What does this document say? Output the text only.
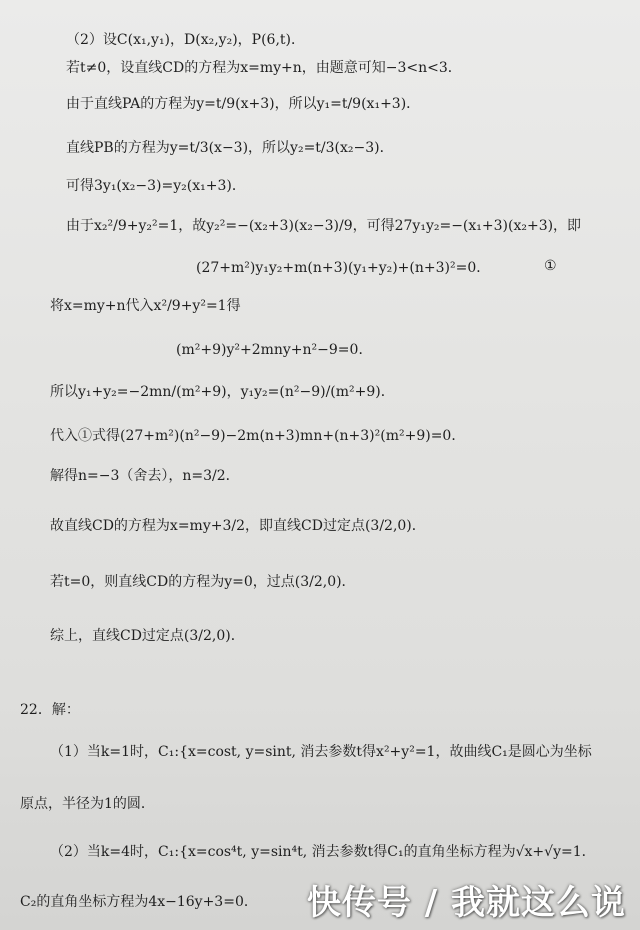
（2）设C(x₁,y₁)，D(x₂,y₂)，P(6,t)．
若t≠0，设直线CD的方程为x=my+n，由题意可知−3<n<3．
由于直线PA的方程为y=t/9(x+3)，所以y₁=t/9(x₁+3)．
直线PB的方程为y=t/3(x−3)，所以y₂=t/3(x₂−3)．
可得3y₁(x₂−3)=y₂(x₁+3)．
由于x₂²/9+y₂²=1，故y₂²=−(x₂+3)(x₂−3)/9，可得27y₁y₂=−(x₁+3)(x₂+3)，即
(27+m²)y₁y₂+m(n+3)(y₁+y₂)+(n+3)²=0．	①
将x=my+n代入x²/9+y²=1得
(m²+9)y²+2mny+n²−9=0．
所以y₁+y₂=−2mn/(m²+9)，y₁y₂=(n²−9)/(m²+9)．
代入①式得(27+m²)(n²−9)−2m(n+3)mn+(n+3)²(m²+9)=0．
解得n=−3（舍去），n=3/2．
故直线CD的方程为x=my+3/2，即直线CD过定点(3/2,0)．
若t=0，则直线CD的方程为y=0，过点(3/2,0)．
综上，直线CD过定点(3/2,0)．
22．解：
（1）当k=1时，C₁:{x=cost, y=sint, 消去参数t得x²+y²=1，故曲线C₁是圆心为坐标
原点，半径为1的圆．
（2）当k=4时，C₁:{x=cos⁴t, y=sin⁴t, 消去参数t得C₁的直角坐标方程为√x+√y=1．
C₂的直角坐标方程为4x−16y+3=0． 快传号 / 我就这么说
